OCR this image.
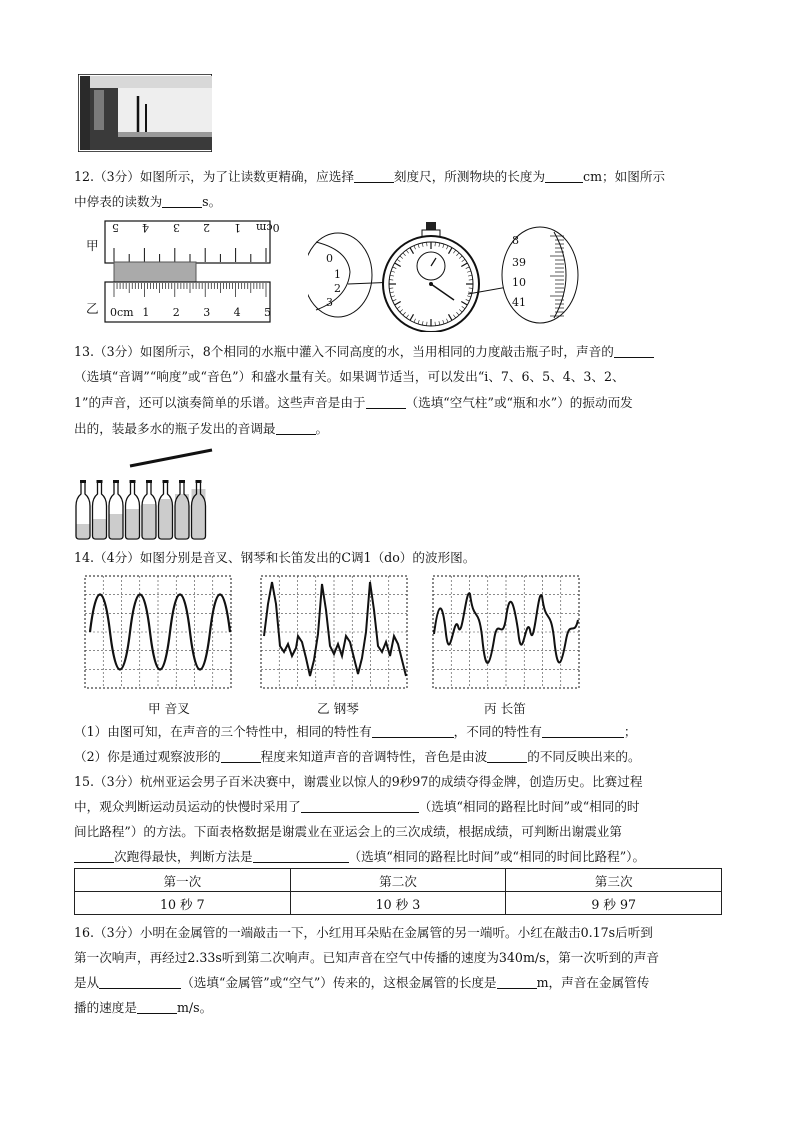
12.（3分）如图所示，为了让读数更精确，应选择	刻度尺，所测物块的长度为	cm；如图所示
中停表的读数为	s。
甲
乙
5 4 3 2 1 0cm
0cm 1 2 3 4 5
0
1
2
3
8
39
10
41
13.（3分）如图所示，8个相同的水瓶中灌入不同高度的水，当用相同的力度敲击瓶子时，声音的
（选填“音调”“响度”或“音色”）和盛水量有关。如果调节适当，可以发出“i、7、6、5、4、3、2、
1”的声音，还可以演奏简单的乐谱。这些声音是由于	（选填“空气柱”或“瓶和水”）的振动而发
出的，装最多水的瓶子发出的音调最	。
14.（4分）如图分别是音叉、钢琴和长笛发出的C调1（do）的波形图。
甲 音叉	乙 钢琴	丙 长笛
（1）由图可知，在声音的三个特性中，相同的特性有	，不同的特性有	；
（2）你是通过观察波形的	程度来知道声音的音调特性，音色是由波	的不同反映出来的。
15.（3分）杭州亚运会男子百米决赛中，谢震业以惊人的9秒97的成绩夺得金牌，创造历史。比赛过程
中，观众判断运动员运动的快慢时采用了	（选填“相同的路程比时间”或“相同的时
间比路程”）的方法。下面表格数据是谢震业在亚运会上的三次成绩，根据成绩，可判断出谢震业第
次跑得最快，判断方法是	（选填“相同的路程比时间”或“相同的时间比路程”）。
第一次	第二次	第三次
10 秒 7	10 秒 3	9 秒 97
16.（3分）小明在金属管的一端敲击一下，小红用耳朵贴在金属管的另一端听。小红在敲击0.17s后听到
第一次响声，再经过2.33s听到第二次响声。已知声音在空气中传播的速度为340m/s，第一次听到的声音
是从	（选填“金属管”或“空气”）传来的，这根金属管的长度是	m，声音在金属管传
播的速度是	m/s。
